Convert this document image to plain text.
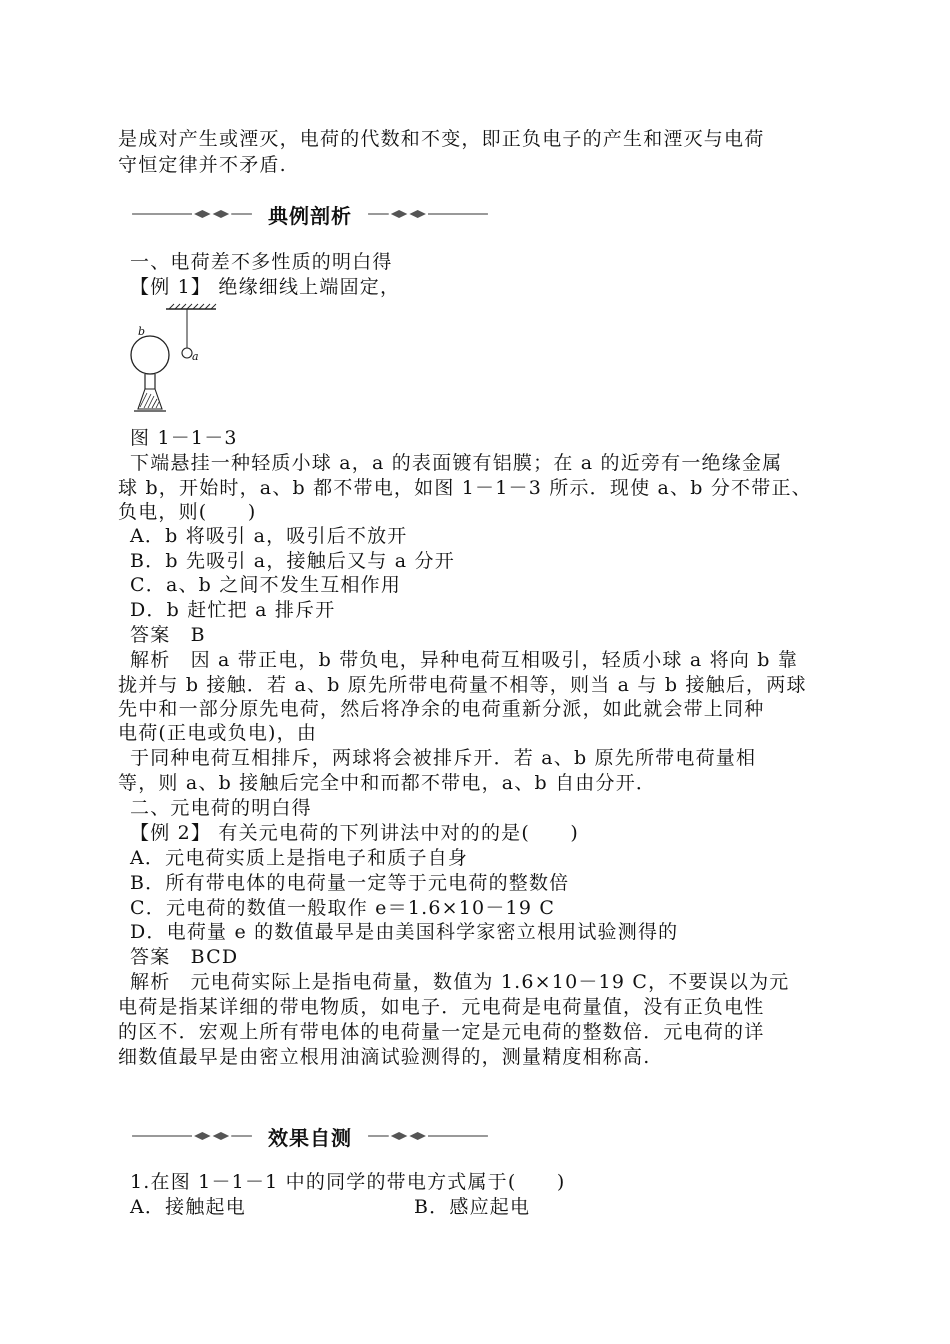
是成对产生或湮灭，电荷的代数和不变，即正负电子的产生和湮灭与电荷
守恒定律并不矛盾.
典例剖析
一、电荷差不多性质的明白得
【例 1】 绝缘细线上端固定，
b
a
图 1－1－3
下端悬挂一种轻质小球 a，a 的表面镀有铝膜；在 a 的近旁有一绝缘金属
球 b，开始时，a、b 都不带电，如图 1－1－3 所示．现使 a、b 分不带正、
负电，则(　　)
A．b 将吸引 a，吸引后不放开
B．b 先吸引 a，接触后又与 a 分开
C．a、b 之间不发生互相作用
D．b 赶忙把 a 排斥开
答案　B
解析　因 a 带正电，b 带负电，异种电荷互相吸引，轻质小球 a 将向 b 靠
拢并与 b 接触．若 a、b 原先所带电荷量不相等，则当 a 与 b 接触后，两球
先中和一部分原先电荷，然后将净余的电荷重新分派，如此就会带上同种
电荷(正电或负电)，由
于同种电荷互相排斥，两球将会被排斥开．若 a、b 原先所带电荷量相
等，则 a、b 接触后完全中和而都不带电，a、b 自由分开．
二、元电荷的明白得
【例 2】 有关元电荷的下列讲法中对的的是(　　)
A．元电荷实质上是指电子和质子自身
B．所有带电体的电荷量一定等于元电荷的整数倍
C．元电荷的数值一般取作 e＝1.6×10－19 C
D．电荷量 e 的数值最早是由美国科学家密立根用试验测得的
答案　BCD
解析　元电荷实际上是指电荷量，数值为 1.6×10－19 C，不要误以为元
电荷是指某详细的带电物质，如电子．元电荷是电荷量值，没有正负电性
的区不．宏观上所有带电体的电荷量一定是元电荷的整数倍．元电荷的详
细数值最早是由密立根用油滴试验测得的，测量精度相称高.
效果自测
1.在图 1－1－1 中的同学的带电方式属于(　　)
A．接触起电	B．感应起电
